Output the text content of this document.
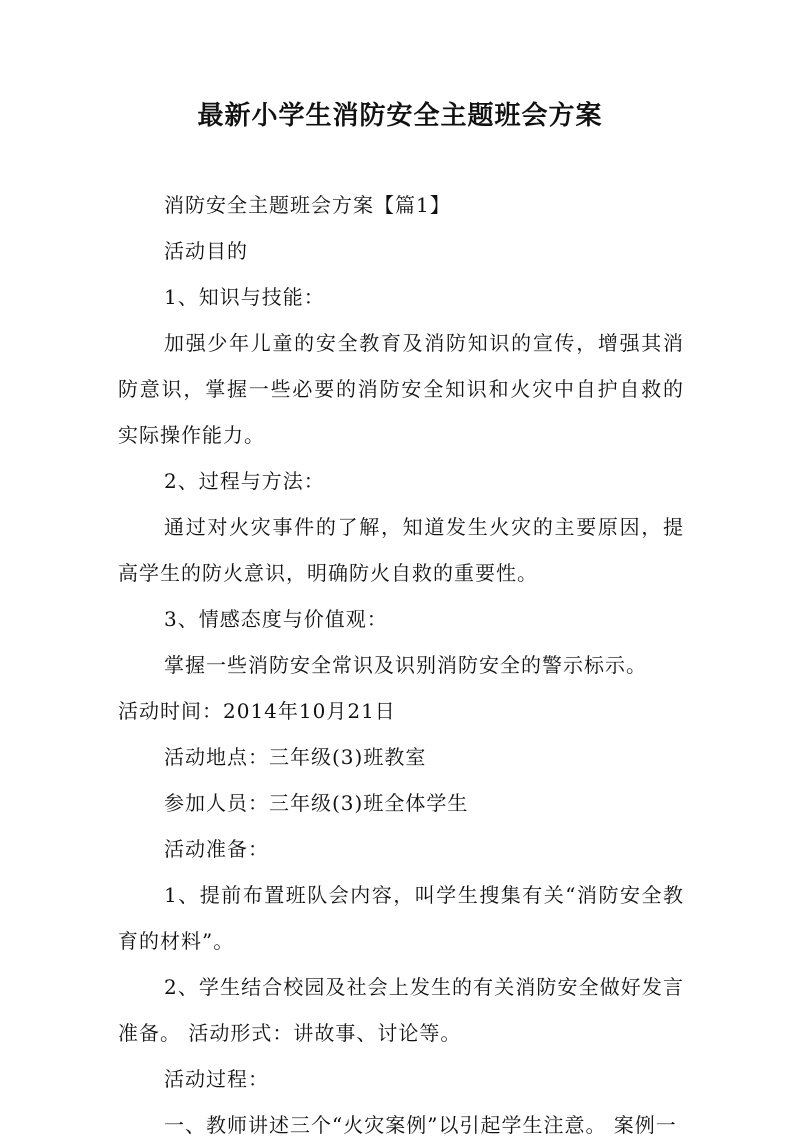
最新小学生消防安全主题班会方案

消防安全主题班会方案【篇1】

活动目的

1、知识与技能：

加强少年儿童的安全教育及消防知识的宣传，增强其消防意识，掌握一些必要的消防安全知识和火灾中自护自救的实际操作能力。

2、过程与方法：

通过对火灾事件的了解，知道发生火灾的主要原因，提高学生的防火意识，明确防火自救的重要性。

3、情感态度与价值观：

掌握一些消防安全常识及识别消防安全的警示标示。

活动时间：2014年10月21日

活动地点：三年级(3)班教室

参加人员：三年级(3)班全体学生

活动准备：

1、提前布置班队会内容，叫学生搜集有关“消防安全教育的材料”。

2、学生结合校园及社会上发生的有关消防安全做好发言准备。 活动形式：讲故事、讨论等。

活动过程：

一、教师讲述三个“火灾案例”以引起学生注意。 案例一
